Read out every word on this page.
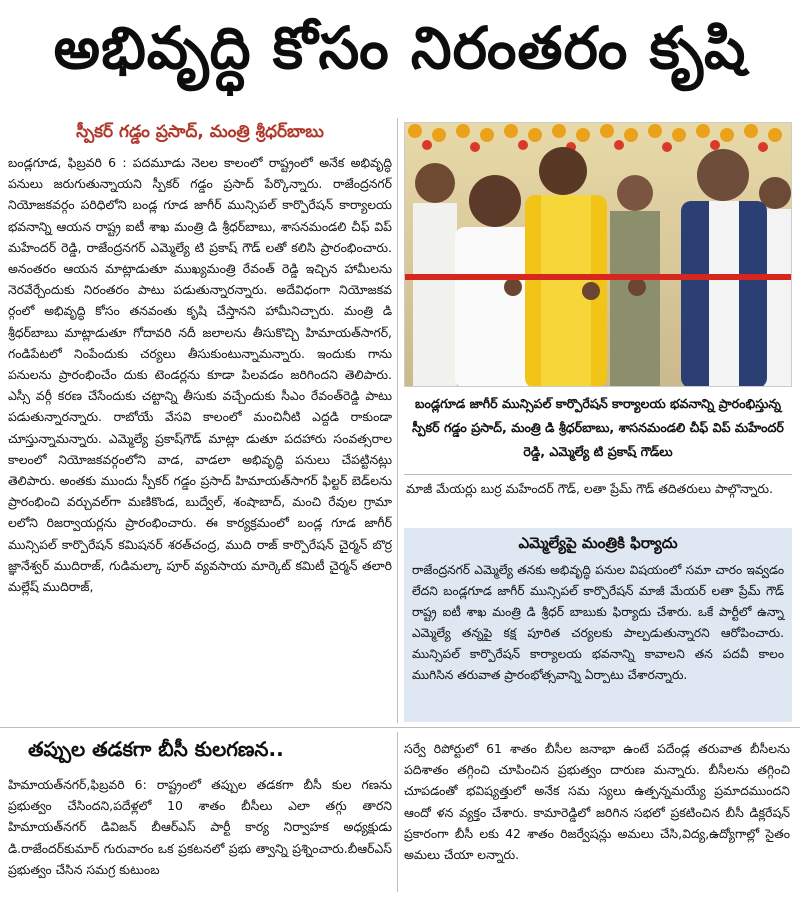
అభివృద్ధి కోసం నిరంతరం కృషి
స్పీకర్ గడ్డం ప్రసాద్, మంత్రి శ్రీధర్‌బాబు

బండ్లగూడ, ఫిబ్రవరి 6 : పదమూడు నెలల కాలంలో రాష్ట్రంలో అనేక అభివృద్ధి పనులు జరుగుతున్నాయని స్పీకర్ గడ్డం ప్రసాద్ పేర్కొన్నారు. రాజేంద్రనగర్ నియోజకవర్గం పరిధిలోని బండ్ల గూడ జాగీర్ మున్సిపల్ కార్పొరేషన్ కార్యాలయ భవనాన్ని ఆయన రాష్ట్ర ఐటీ శాఖ మంత్రి డి శ్రీధర్‌బాబు, శాసనమండలి చీఫ్ విప్ మహేందర్ రెడ్డి, రాజేంద్రనగర్ ఎమ్మెల్యే టి ప్రకాష్ గౌడ్ లతో కలిసి ప్రారంభించారు. అనంతరం ఆయన మాట్లాడుతూ ముఖ్యమంత్రి రేవంత్ రెడ్డి ఇచ్చిన హామీలను నెరవేర్చేందుకు నిరంతరం పాటు పడుతున్నారన్నారు. అదేవిధంగా నియోజకవ ర్గంలో అభివృద్ధి కోసం తనవంతు కృషి చేస్తానని హామీనిచ్చారు. మంత్రి డి శ్రీధర్‌బాబు మాట్లాడుతూ గోదావరి నదీ జలాలను తీసుకొచ్చి హిమాయత్‌సాగర్, గండిపేటలో నింపేందుకు చర్యలు తీసుకుంటున్నామన్నారు. ఇందుకు గాను పనులను ప్రారంభించేం దుకు టెండర్లను కూడా పిలవడం జరిగిందని తెలిపారు. ఎస్సీ వర్గీ కరణ చేసేందుకు చట్టాన్ని తీసుకు వచ్చేందుకు సీఎం రేవంత్‌రెడ్డి పాటు పడుతున్నారన్నారు. రాబోయే వేసవి కాలంలో మంచినీటి ఎద్దడి రాకుండా చూస్తున్నామన్నారు. ఎమ్మెల్యే ప్రకాష్‌గౌడ్ మాట్లా డుతూ పదహారు సంవత్సరాల కాలంలో నియోజకవర్గంలోని వాడ, వాడలా అభివృద్ధి పనులు చేపట్టినట్లు తెలిపారు. అంతకు ముందు స్పీకర్ గడ్డం ప్రసాద్ హిమాయత్‌సాగర్ ఫిల్టర్ బెడ్‌లను ప్రారంభించి వర్చువల్‌గా మణికొండ, బుద్వేల్, శంషాబాద్, మంచి రేవుల గ్రామా లలోని రిజర్వాయర్లను ప్రారంభించారు. ఈ కార్యక్రమంలో బండ్ల గూడ జాగీర్ మున్సిపల్ కార్పొరేషన్ కమిషనర్ శరత్‌చంద్ర, ముది రాజ్ కార్పొరేషన్ చైర్మన్ బొర్ర జ్ఞానేశ్వర్ ముదిరాజ్, గుడిమల్కా పూర్ వ్యవసాయ మార్కెట్ కమిటీ చైర్మన్ తలారి మల్లేష్ ముదిరాజ్,

బండ్లగూడ జాగీర్ మున్సిపల్ కార్పొరేషన్ కార్యాలయ భవనాన్ని ప్రారంభిస్తున్న స్పీకర్ గడ్డం ప్రసాద్, మంత్రి డి శ్రీధర్‌బాబు, శాసనమండలి చీఫ్ విప్ మహేందర్ రెడ్డి, ఎమ్మెల్యే టి ప్రకాష్ గౌడ్‌లు
మాజీ మేయర్లు బుర్ర మహేందర్ గౌడ్, లతా ప్రేమ్ గౌడ్ తదితరులు పాల్గొన్నారు.
ఎమ్మెల్యేపై మంత్రికి ఫిర్యాదు

రాజేంద్రనగర్ ఎమ్మెల్యే తనకు అభివృద్ధి పనుల విషయంలో సమా చారం ఇవ్వడం లేదని బండ్లగూడ జాగీర్ మున్సిపల్ కార్పొరేషన్ మాజీ మేయర్ లతా ప్రేమ్ గౌడ్ రాష్ట్ర ఐటీ శాఖ మంత్రి డి శ్రీధర్ బాబుకు ఫిర్యాదు చేశారు. ఒకే పార్టీలో ఉన్నా ఎమ్మెల్యే తన్నపై కక్ష పూరిత చర్యలకు పాల్పడుతున్నారని ఆరోపించారు. మున్సిపల్ కార్పొరేషన్ కార్యాలయ భవనాన్ని కావాలని తన పదవీ కాలం ముగిసిన తరువాత ప్రారంభోత్సవాన్ని ఏర్పాటు చేశారన్నారు.

తప్పుల తడకగా బీసీ కులగణన..

హిమాయత్‌నగర్,ఫిబ్రవరి 6: రాష్ట్రంలో తప్పుల తడకగా బీసీ కుల గణను ప్రభుత్వం చేసిందని,పదేళ్లలో 10 శాతం బీసీలు ఎలా తగ్గు తారని హిమాయత్‌నగర్ డివిజన్ బీఆర్ఎస్ పార్టీ కార్య నిర్వాహక అధ్యక్షుడు డి.రాజేందర్‌కుమార్ గురువారం ఒక ప్రకటనలో ప్రభు త్వాన్ని ప్రశ్నించారు.బీఆర్ఎస్ ప్రభుత్వం చేసిన సమగ్ర కుటుంబ

సర్వే రిపోర్టులో 61 శాతం బీసీల జనాభా ఉంటే పదేండ్ల తరువాత బీసీలను పదిశాతం తగ్గించి చూపించిన ప్రభుత్వం దారుణ మన్నారు. బీసీలను తగ్గించి చూపడంతో భవిష్యత్తులో అనేక సమ స్యలు ఉత్పన్నమయ్యే ప్రమాదముందని ఆందో ళన వ్యక్తం చేశారు. కామారెడ్డిలో జరిగిన సభలో ప్రకటించిన బీసీ డిక్లరేషన్ ప్రకారంగా బీసీ లకు 42 శాతం రిజర్వేషన్లు అమలు చేసి,విద్య,ఉద్యోగాల్లో సైతం అమలు చేయా లన్నారు.
